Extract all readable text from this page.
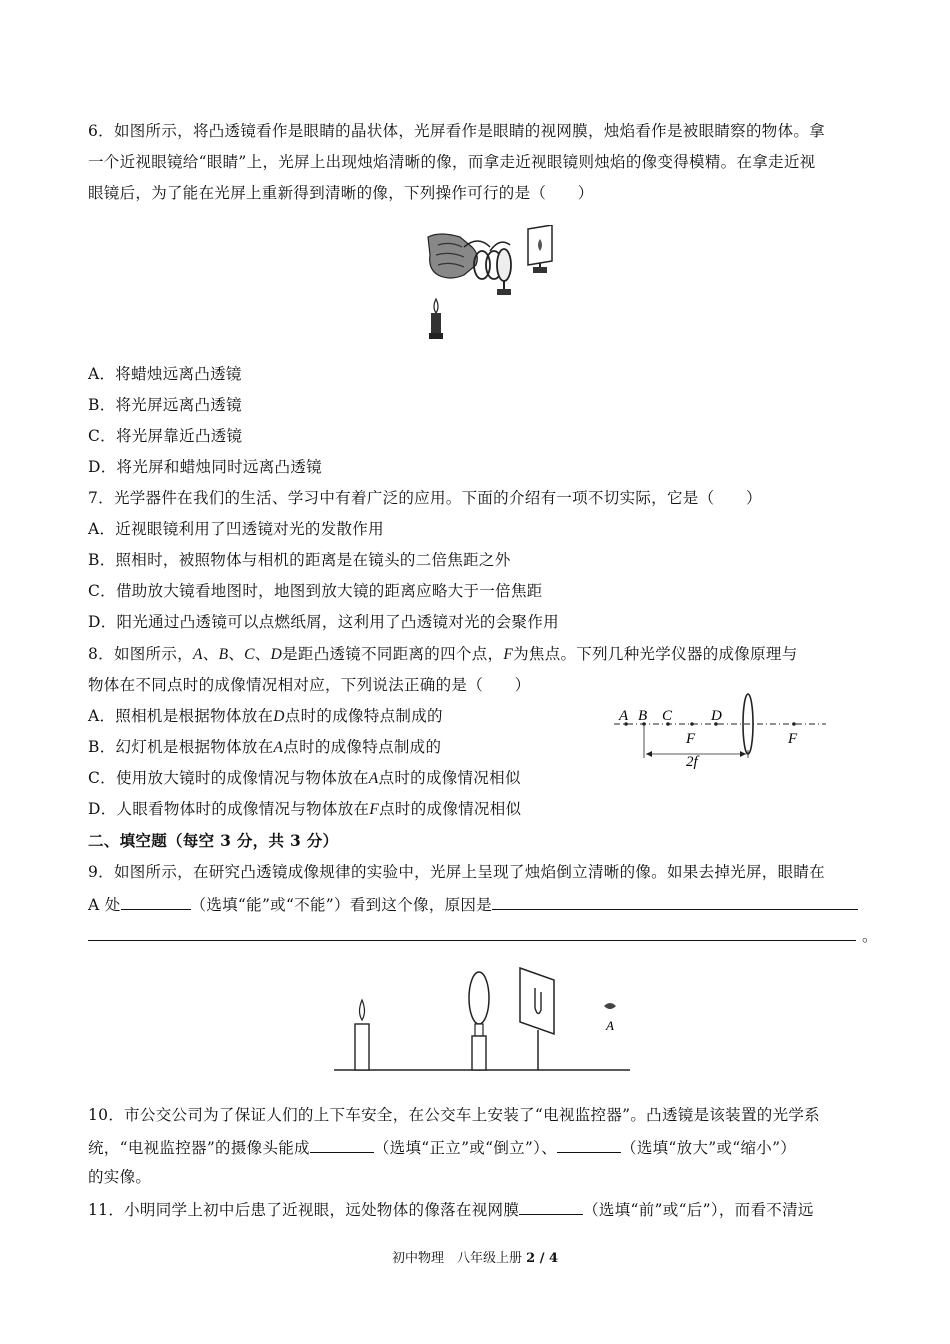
6．如图所示，将凸透镜看作是眼睛的晶状体，光屏看作是眼睛的视网膜，烛焰看作是被眼睛察的物体。拿
一个近视眼镜给“眼睛”上，光屏上出现烛焰清晰的像，而拿走近视眼镜则烛焰的像变得模精。在拿走近视
眼镜后，为了能在光屏上重新得到清晰的像，下列操作可行的是（　　）
A．将蜡烛远离凸透镜
B．将光屏远离凸透镜
C．将光屏靠近凸透镜
D．将光屏和蜡烛同时远离凸透镜
7．光学器件在我们的生活、学习中有着广泛的应用。下面的介绍有一项不切实际，它是（　　）
A．近视眼镜利用了凹透镜对光的发散作用
B．照相时，被照物体与相机的距离是在镜头的二倍焦距之外
C．借助放大镜看地图时，地图到放大镜的距离应略大于一倍焦距
D．阳光通过凸透镜可以点燃纸屑，这利用了凸透镜对光的会聚作用
8．如图所示，A、B、C、D是距凸透镜不同距离的四个点，F为焦点。下列几种光学仪器的成像原理与
物体在不同点时的成像情况相对应，下列说法正确的是（　　）
A．照相机是根据物体放在D点时的成像特点制成的
B．幻灯机是根据物体放在A点时的成像特点制成的
C．使用放大镜时的成像情况与物体放在A点时的成像情况相似
D．人眼看物体时的成像情况与物体放在F点时的成像情况相似
A B C	D
F	F
2f
二、填空题（每空 3 分，共 3 分）
9．如图所示，在研究凸透镜成像规律的实验中，光屏上呈现了烛焰倒立清晰的像。如果去掉光屏，眼睛在
A 处	（选填“能”或“不能”）看到这个像，原因是
。
A
10．市公交公司为了保证人们的上下车安全，在公交车上安装了“电视监控器”。凸透镜是该装置的光学系
统，“电视监控器”的摄像头能成	（选填“正立”或“倒立”）、	（选填“放大”或“缩小”）
的实像。
11．小明同学上初中后患了近视眼，远处物体的像落在视网膜	（选填“前”或“后”），而看不清远
初中物理　八年级上册 2 / 4
